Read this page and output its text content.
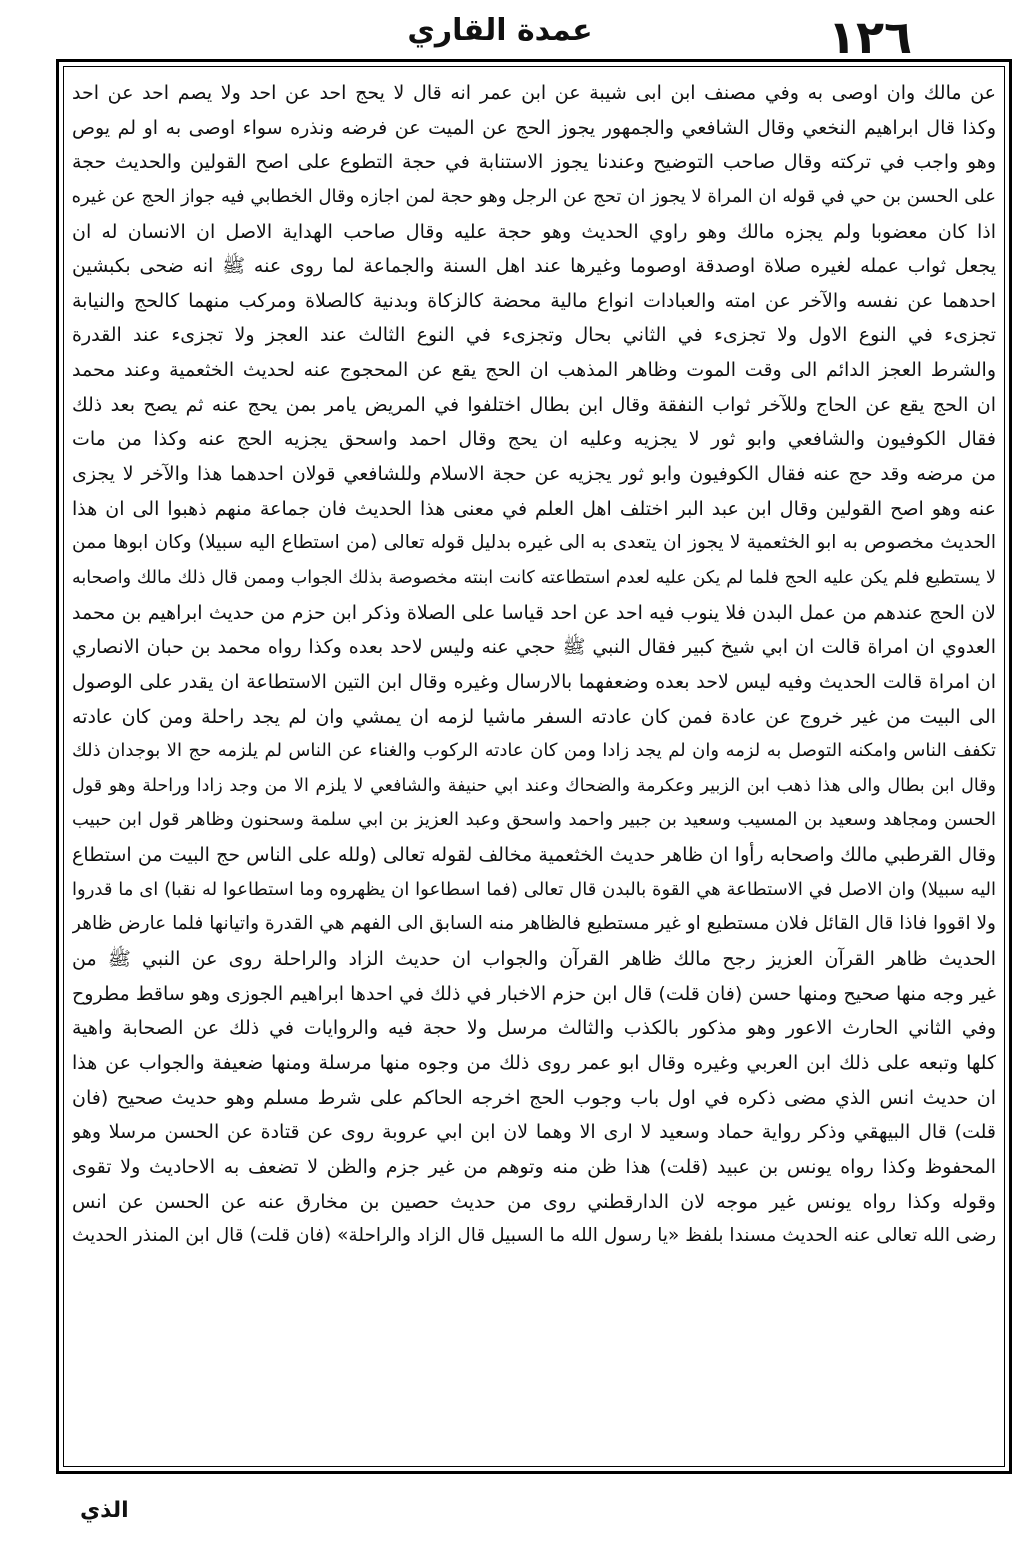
١٢٦
عمدة القاري
عن مالك وان اوصى به وفي مصنف ابن ابى شيبة عن ابن عمر انه قال لا يحج احد عن احد ولا يصم احد عن احد
وكذا قال ابراهيم النخعي وقال الشافعي والجمهور يجوز الحج عن الميت عن فرضه ونذره سواء اوصى به او لم يوص
وهو واجب في تركته وقال صاحب التوضيح وعندنا يجوز الاستنابة في حجة التطوع على اصح القولين والحديث حجة
على الحسن بن حي في قوله ان المراة لا يجوز ان تحج عن الرجل وهو حجة لمن اجازه وقال الخطابي فيه جواز الحج عن غيره
اذا كان معضوبا ولم يجزه مالك وهو راوي الحديث وهو حجة عليه وقال صاحب الهداية الاصل ان الانسان له ان
يجعل ثواب عمله لغيره صلاة اوصدقة اوصوما وغيرها عند اهل السنة والجماعة لما روى عنه ﷺ انه ضحى بكبشين
احدهما عن نفسه والآخر عن امته والعبادات انواع مالية محضة كالزكاة وبدنية كالصلاة ومركب منهما كالحج والنيابة
تجزىء في النوع الاول ولا تجزىء في الثاني بحال وتجزىء في النوع الثالث عند العجز ولا تجزىء عند القدرة
والشرط العجز الدائم الى وقت الموت وظاهر المذهب ان الحج يقع عن المحجوج عنه لحديث الخثعمية وعند محمد
ان الحج يقع عن الحاج وللآخر ثواب النفقة وقال ابن بطال اختلفوا في المريض يامر بمن يحج عنه ثم يصح بعد ذلك
فقال الكوفيون والشافعي وابو ثور لا يجزيه وعليه ان يحج وقال احمد واسحق يجزيه الحج عنه وكذا من مات
من مرضه وقد حج عنه فقال الكوفيون وابو ثور يجزيه عن حجة الاسلام وللشافعي قولان احدهما هذا والآخر لا يجزى
عنه وهو اصح القولين وقال ابن عبد البر اختلف اهل العلم في معنى هذا الحديث فان جماعة منهم ذهبوا الى ان هذا
الحديث مخصوص به ابو الخثعمية لا يجوز ان يتعدى به الى غيره بدليل قوله تعالى (من استطاع اليه سبيلا) وكان ابوها ممن
لا يستطيع فلم يكن عليه الحج فلما لم يكن عليه لعدم استطاعته كانت ابنته مخصوصة بذلك الجواب وممن قال ذلك مالك واصحابه
لان الحج عندهم من عمل البدن فلا ينوب فيه احد عن احد قياسا على الصلاة وذكر ابن حزم من حديث ابراهيم بن محمد
العدوي ان امراة قالت ان ابي شيخ كبير فقال النبي ﷺ حجي عنه وليس لاحد بعده وكذا رواه محمد بن حبان الانصاري
ان امراة قالت الحديث وفيه ليس لاحد بعده وضعفهما بالارسال وغيره وقال ابن التين الاستطاعة ان يقدر على الوصول
الى البيت من غير خروج عن عادة فمن كان عادته السفر ماشيا لزمه ان يمشي وان لم يجد راحلة ومن كان عادته
تكفف الناس وامكنه التوصل به لزمه وان لم يجد زادا ومن كان عادته الركوب والغناء عن الناس لم يلزمه حج الا بوجدان ذلك
وقال ابن بطال والى هذا ذهب ابن الزبير وعكرمة والضحاك وعند ابي حنيفة والشافعي لا يلزم الا من وجد زادا وراحلة وهو قول
الحسن ومجاهد وسعيد بن المسيب وسعيد بن جبير واحمد واسحق وعبد العزيز بن ابي سلمة وسحنون وظاهر قول ابن حبيب
وقال القرطبي مالك واصحابه رأوا ان ظاهر حديث الخثعمية مخالف لقوله تعالى (ولله على الناس حج البيت من استطاع
اليه سبيلا) وان الاصل في الاستطاعة هي القوة بالبدن قال تعالى (فما اسطاعوا ان يظهروه وما استطاعوا له نقبا) اى ما قدروا
ولا اقووا فاذا قال القائل فلان مستطيع او غير مستطيع فالظاهر منه السابق الى الفهم هي القدرة واتيانها فلما عارض ظاهر
الحديث ظاهر القرآن العزيز رجح مالك ظاهر القرآن والجواب ان حديث الزاد والراحلة روى عن النبي ﷺ من
غير وجه منها صحيح ومنها حسن (فان قلت) قال ابن حزم الاخبار في ذلك في احدها ابراهيم الجوزى وهو ساقط مطروح
وفي الثاني الحارث الاعور وهو مذكور بالكذب والثالث مرسل ولا حجة فيه والروايات في ذلك عن الصحابة واهية
كلها وتبعه على ذلك ابن العربي وغيره وقال ابو عمر روى ذلك من وجوه منها مرسلة ومنها ضعيفة والجواب عن هذا
ان حديث انس الذي مضى ذكره في اول باب وجوب الحج اخرجه الحاكم على شرط مسلم وهو حديث صحيح (فان
قلت) قال البيهقي وذكر رواية حماد وسعيد لا ارى الا وهما لان ابن ابي عروبة روى عن قتادة عن الحسن مرسلا وهو
المحفوظ وكذا رواه يونس بن عبيد (قلت) هذا ظن منه وتوهم من غير جزم والظن لا تضعف به الاحاديث ولا تقوى
وقوله وكذا رواه يونس غير موجه لان الدارقطني روى من حديث حصين بن مخارق عنه عن الحسن عن انس
رضى الله تعالى عنه الحديث مسندا بلفظ «يا رسول الله ما السبيل قال الزاد والراحلة» (فان قلت) قال ابن المنذر الحديث
الذي
